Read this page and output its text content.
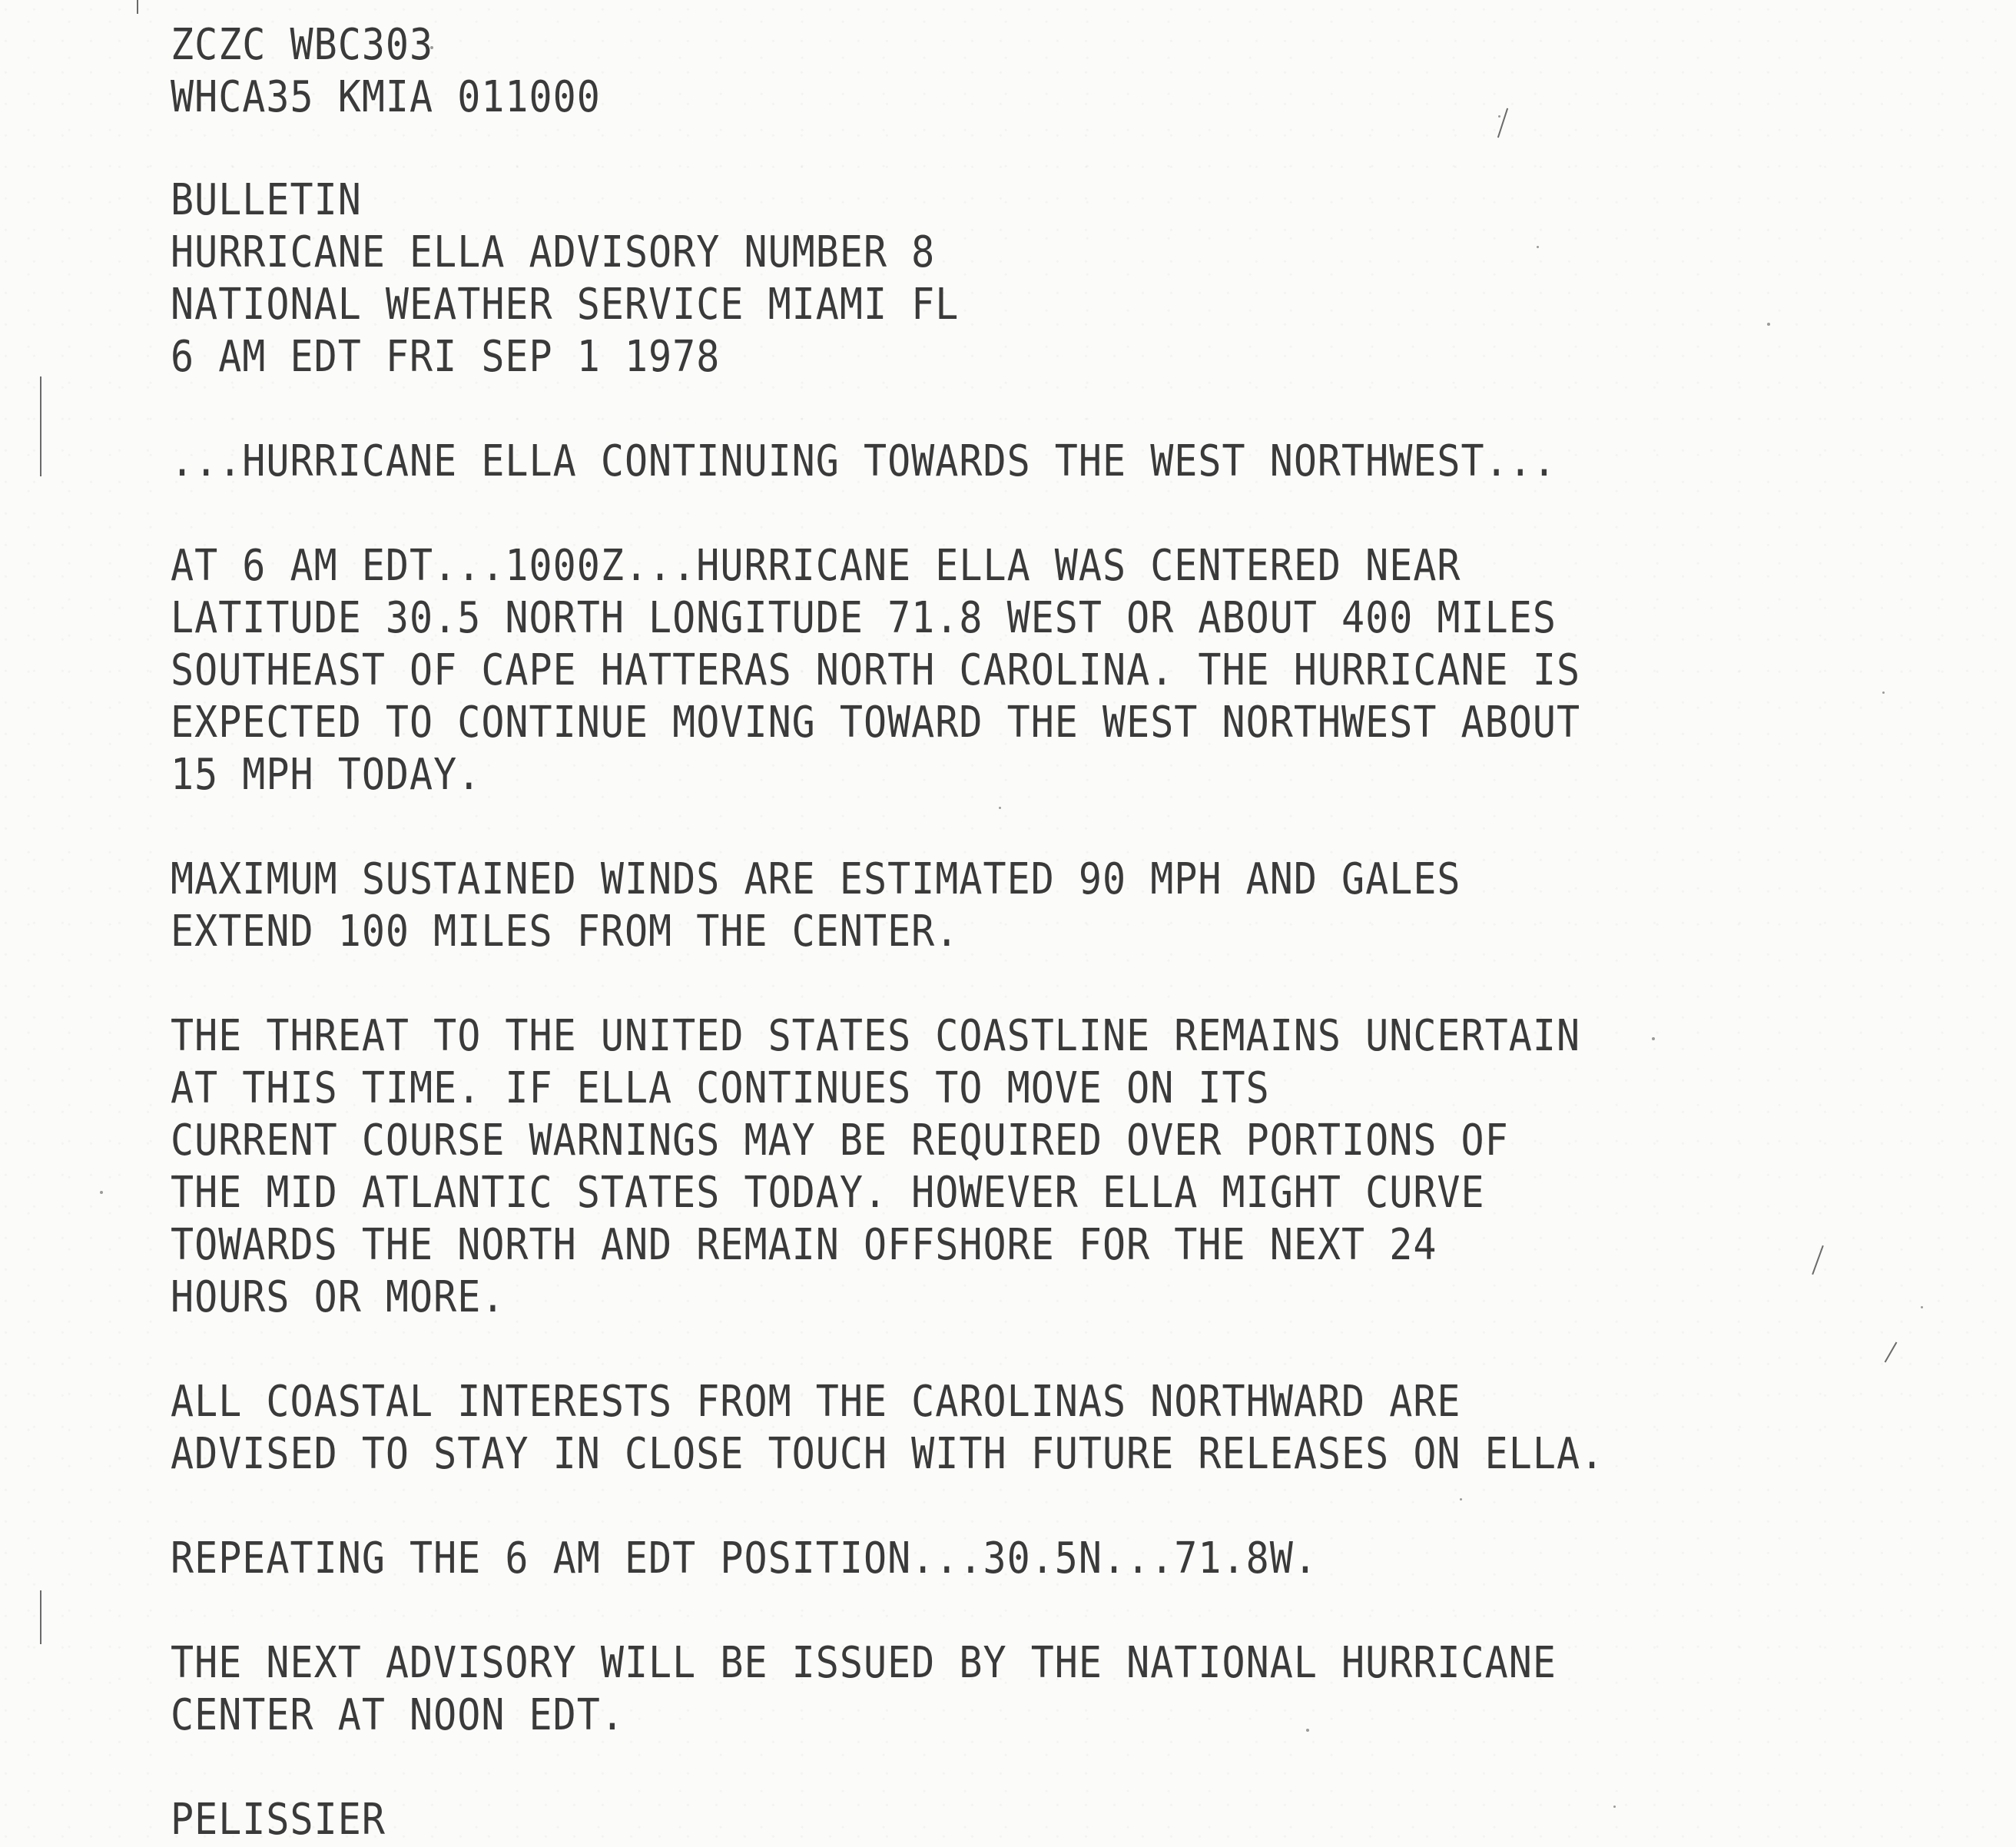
ZCZC WBC303
WHCA35 KMIA 011000
BULLETIN
HURRICANE ELLA ADVISORY NUMBER 8
NATIONAL WEATHER SERVICE MIAMI FL
6 AM EDT FRI SEP 1 1978
...HURRICANE ELLA CONTINUING TOWARDS THE WEST NORTHWEST...
AT 6 AM EDT...1000Z...HURRICANE ELLA WAS CENTERED NEAR
LATITUDE 30.5 NORTH LONGITUDE 71.8 WEST OR ABOUT 400 MILES
SOUTHEAST OF CAPE HATTERAS NORTH CAROLINA. THE HURRICANE IS
EXPECTED TO CONTINUE MOVING TOWARD THE WEST NORTHWEST ABOUT
15 MPH TODAY.
MAXIMUM SUSTAINED WINDS ARE ESTIMATED 90 MPH AND GALES
EXTEND 100 MILES FROM THE CENTER.
THE THREAT TO THE UNITED STATES COASTLINE REMAINS UNCERTAIN
AT THIS TIME. IF ELLA CONTINUES TO MOVE ON ITS
CURRENT COURSE WARNINGS MAY BE REQUIRED OVER PORTIONS OF
THE MID ATLANTIC STATES TODAY. HOWEVER ELLA MIGHT CURVE
TOWARDS THE NORTH AND REMAIN OFFSHORE FOR THE NEXT 24
HOURS OR MORE.
ALL COASTAL INTERESTS FROM THE CAROLINAS NORTHWARD ARE
ADVISED TO STAY IN CLOSE TOUCH WITH FUTURE RELEASES ON ELLA.
REPEATING THE 6 AM EDT POSITION...30.5N...71.8W.
THE NEXT ADVISORY WILL BE ISSUED BY THE NATIONAL HURRICANE
CENTER AT NOON EDT.
PELISSIER
